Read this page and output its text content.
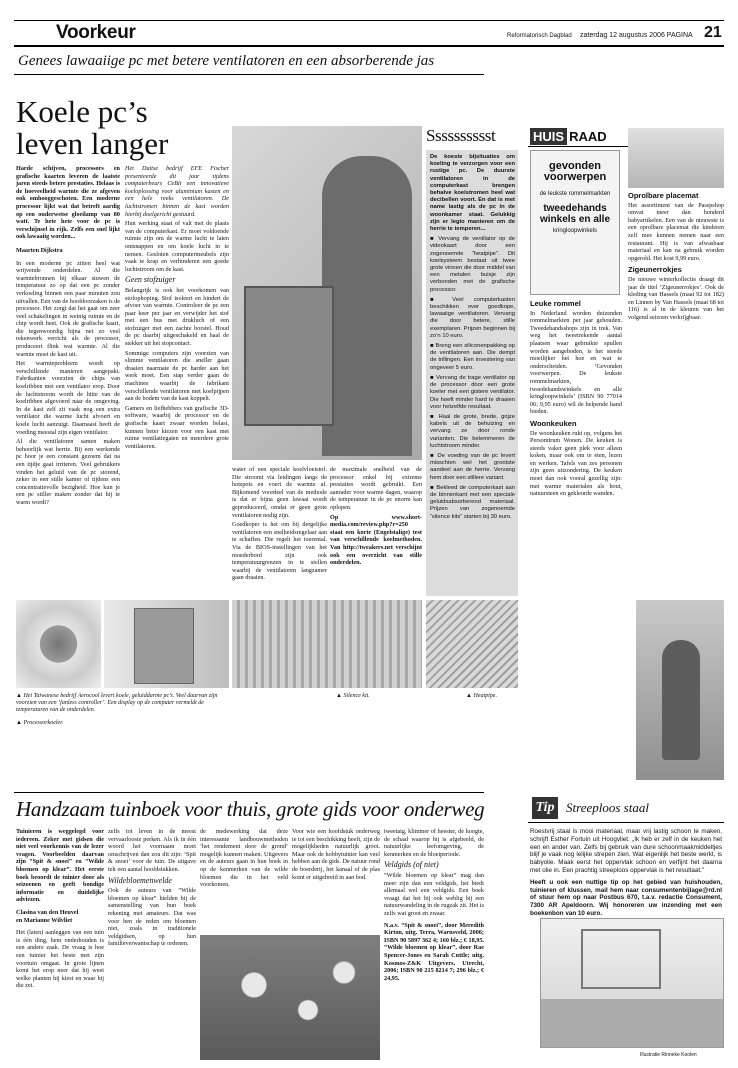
Voorkeur	Reformatorisch Dagblad zaterdag 12 augustus 2006 PAGINA 21
Genees lawaaiige pc met betere ventilatoren en een absorberende jas
Koele pc’s
leven langer

Harde schijven, processors en grafische kaarten leveren de laatste jaren steeds betere prestaties. Helaas is de hoeveelheid warmte die ze afgeven ook omhooggeschoten. Een moderne processor lijkt wat dat betreft aardig op een ouderwetse gloeilamp van 80 watt. Te hete hete voor de pc is verschijnsel in rijk. Zelfs een snel lijkt ook lawaaiig worden...

Maarten Dijkstra

In een moderne pc zitten heel wat wrijvende onderdelen. Al die warmtebronnen bij elkaar stuwen de temperatuur zo op dat een pc zonder verkoeling binnen een paar minuten zou uitvallen. Een van de hoofdoorzaken is de processor. Het zorgt dat het gaat om zeer veel schakelingen in weinig ruimte en de chip wordt heet. Ook de grafische kaart, die tegenwoordig bijna net zo veel rekenwerk verricht als de processor, produceert flink wat warmte. Al die warmte moet de kast uit.

Het warmteprobleem wordt op verschillende manieren aangepakt. Fabrikanten voorzien de chips van koelribben met een ventilator erop. Door de luchtstroom wordt de hitte van de koelribben afgevoerd naar de omgeving. In de kast zelf zit vaak nog een extra ventilator die warme lucht afvoert en koele lucht aanzuigt. Daarnaast heeft de voeding meestal zijn eigen ventilator.

Al die ventilatoren samen maken behoorlijk wat herrie. Bij een werkende pc hoor je een constant gezoem dat na een tijdje gaat irriteren. Veel gebruikers vinden het geluid van de pc storend, zeker in een stille kamer of tijdens een concentratievolle bezigheid. Hoe kun je een pc stiller maken zonder dat hij te warm wordt?

Het Duitse bedrijf EFE Fischer presenteerde dit jaar tijdens computerbeurs CeBit een innovatieve koeloplossing voor aluminium kasten en een hele reeks ventilatoren. De luchtstromen binnen de kast worden hierbij doelgericht gestuurd.

Hun werking staat of valt met de plaats van de computerkast. Er moet voldoende ruimte zijn om de warme lucht te laten ontsnappen en om koele lucht in te nemen. Gesloten computermeubels zijn vaak te krap en verhinderen een goede luchtstroom om de kast.

Geen stofzuiger

Belangrijk is ook het voorkomen van stofophoping. Stof isoleert en hindert de afvoer van warmte. Controleer de pc een paar keer per jaar en verwijder het stof met een bus met drukluch of een stofzuiger met een zachte borstel. Houd de pc daarbij uitgeschakeld en haal de stekker uit het stopcontact.

Sommige computers zijn voorzien van slimme ventilatoren die sneller gaan draaien naarmate de pc harder aan het werk moet. Een stap verder gaan de machines waarbij de fabrikant verschillende ventilatoren met koelpijpen aan de bodem van de kast koppelt.

Gamers en liefhebbers van grafische 3D-software, waarbij de processor en de grafische kaart zwaar worden belast, kunnen beter kiezen voor een kast met ruime ventilatiegaten en meerdere grote ventilatoren.

water of een speciale koelvloeistof. Die stroomt via leidingen langs de hotspots en voert de warmte af. Bijkomend voordeel van de methode is dat er bijna geen lawaai wordt geproduceerd, omdat er geen grote ventilatoren nodig zijn.

Goedkoper is het om bij dergelijke ventilatoren een snelheidsregelaar aan te schaffen. Die regelt het toerental. Via de BIOS-instellingen van het moederbord zijn ook temperatuurgrenzen in te stellen waarbij de ventilatoren langzamer gaan draaien.

de maximale snelheid van de processor enkel bij extreme prestaties wordt gebruikt. Een aanrader voor warme dagen, waarop de temperatuur in de pc enorm kan oplopen.

Op www.short-media.com/review.php?r=250 staat een korte (Engelstalige) test van verschillende koelmethoden. Van http://tweakers.net verschijnt ook een overzicht van stille onderdelen.

Sssssssssst

De koeste bijsituaties om koeling te verzorgen voor een rustige pc. De duurste ventilatoren in de computerkast brengen behalve koelstromen heel wat decibellen voort. En dat is met name lastig als de pc in de woonkamer staat. Gelukkig zijn er legio manieren om de herrie te temperen...

■ Vervang de ventilator op de videokaart door een zogenoemde “heatpipe”. Dit koelsysteem bestaat uit twee grote vinnen die door middel van een metalen buisje zijn verbonden met de grafische processor.

■ Veel computerkasten beschikken over goedkope, lawaaiige ventilatoren. Vervang die door betere, stille exemplaren. Prijzen beginnen bij zo’n 10 euro.

■ Breng een siliconenpakking op de ventilatoren aan. Die dempt de trillingen. Een investering van ongeveer 5 euro.

■ Vervang de trage ventilator op de processor door een grote koeler met een gistere ventilator. Die hoeft minder hard te draaien voor hetzelfde resultaat.

■ Haal de grote, brede, grijze kabels uit de behuizing en vervang ze door ronde varianten. Die belemmeren de luchtstroom minder.

■ De voeding van de pc levert misschien wel het grootste aandeel aan de herrie. Vervang hem door een stillere variant.

■ Bekleed de computerkast aan de binnenkant met een speciale geluidsabsorberend materiaal. Prijzen van zogenoemde “silence kits” starten bij 30 euro.

▲ Het Taiwanese bedrijf Aerocool levert koele, geluiddarme pc’s. Veel daarvan zijn voorzien van een ‘fanless controller’. Een display op de computer vermeldt de temperaturen van de onderdelen.
▲ Processorkoeler.
▲ Silence kit.	▲ Heatpipe.
HUIS RAAD
gevonden voorwerpen
de leukste rommelmarkten
tweedehands winkels en alle
kringloopwinkels

Leuke rommel

In Nederland worden duizenden rommelmarkten per jaar gehouden. Tweedehandsshops zijn in trek. Van weg het tweetrekende aantal plaatsen waar gebruikte spullen worden aangeboden, is het steeds moeilijker het hoe en wat te onderscheiden. ‘Gevonden voorwerpen. De leukste rommelmarkten, tweedehandswinkels en alle kringloopwinkels’ (ISBN 90 77014 06; 9,95 euro) wil de helpende hand bieden.

Woonkeuken

De woonkeuken rukt op, volgens het Persomtrum Wonen. De keuken is steeds vaker geen plek voor alleen koken, maar ook om te eten, lezen en werken. Tafels van zes personen zijn geen uitzondering. De keuken moet dan ook vooral gezellig zijn: met warme materialen als hout, natuursteen en gekleurde wanden.

Oprolbare placemat

Het assortiment van de Passpshop omvat meer dan honderd babyartikelen. Een van de nieuwste is een oprolbare placemat die kinderen zelf mee kunnen nemen naar een restaurant. Hij is van afwasbaar materiaal en kan na gebruik worden opgerold. Het kost 9,99 euro.

Zigeunerrokjes

De nieuwe winterkollectie draagt dit jaar de titel ‘Zigeunerrokjes’. Ook de kleding van Hassels (maat 92 tot 182) en Linnen by Van Hassels (maat 68 tot 116) is al in de kleuren van het volgend seizoen verkrijgbaar.

Handzaam tuinboek voor thuis, grote gids voor onderweg

Tuinieren is weggelegd voor iedereen. Zeker met gidsen die niet veel voorkennis van de lezer vragen. Voorbeelden daarvan zijn “Spit & snoei” en “Wilde bloemen op klear”. Het eerste boek beoordt de tuinier door als seizoenen en geeft bondige informatie en duidelijke adviezen.

Clasina van den Heuvel

en Marianne Wilvliet

Het (laten) aanleggen van een tuin is één ding, hem onderhouden is een andere zaak. De vraag is hoe een tuinier het beste met zijn voortuin omgaat. In grote lijnen komt het erop neer dat hij weet welke planten hij kiest en waar hij die zet.

zelfs tot leven in de meest vervaarlooste perken. Als ik in één woord het voornaam moet omschrijven dan zou dit zijn: ‘Spit & snoei’ voor de tuin. De uitgave telt een aantal hoofdstukken.

Wildebloemenwelde

Ook de auteurs van “Wilde bloemen op klear” hielden bij de samenstelling van hun boek rekening met amateurs. Dat was voor hen de reden om bloemen niet, zoals in traditionele veldgidsen, op hun familieverwantschap te ordenen.

de medewerking dat deze interessante landbouwmethoden ‘het rendement door de grond’ mogelijk kunnen maken. Uitgevers en de auteurs gaan in hun boek in op de kenmerken van de wilde bloemen die in het veld voorkomen.

Voor wie een hoofdstuk onderweg te tot een beschikking heeft, zijn de mogelijkheden natuurlijk groot. Maar ook de hobbytuinier kan veel hebben aan de gids. De natuur rond de boerderij, het kanaal of de plas komt er uitgebreid in aan bod.

tweetaig, klimmer of heester, de hoogte, de schaal waarop hij is afgebeeld, de natuurlijke leefomgeving, de kenmerken en de bloeiperiode.

Veldgids (of niet)

“Wilde bloemen op klear” mag dan meer zijn dan een veldgids, het biedt allemaal wel een veldgids. Een boek vraagt dat het bij ook weblig bij een natuurwandeling in de rugzak zit. Het is zelfs wat groot en zwaar.

N.a.v. “Spit & snoei”, door Meredith Kirton, uitg. Terra, Warnsveld, 2006; ISBN 90 5897 362 4; 160 blz.; € 18,95. “Wilde bloemen op klear”, door Rae Spencer-Jones en Sarah Cuttle; uitg. Kosmos-Z&K Uitgevers, Utrecht, 2006; ISBN 90 215 8214 7; 296 blz.; € 24,95.

Tip Streeploos staal

Roestvrij staal is mooi materiaal, maar vrij lastig schoon te maken, schrijft Esther Fortuin uit Hoogvliet. „Ik heb er zelf in de keuken het een en ander van. Zelfs bij gebruik van dure schoonmaakmiddeltjes blijf je vaak nog lelijke strepen zien. Wat eigenlijk het beste werkt, is babyolie. Maak eerst het oppervlak schoon en verfijnt het daarna met olie in. Een prachtig streeploos oppervlak is het resultaat.”

Heeft u ook een nuttige tip op het gebied van huishouden, tuinieren of klussen, mail hem naar consumentenbijlage@rd.nl of stuur hem op naar Postbus 670, t.a.v. redactie Consument, 7300 AR Apeldoorn. Wij honoreren uw inzending met een boekenbon van 10 euro.

Illustratie Rinneke Koolen
